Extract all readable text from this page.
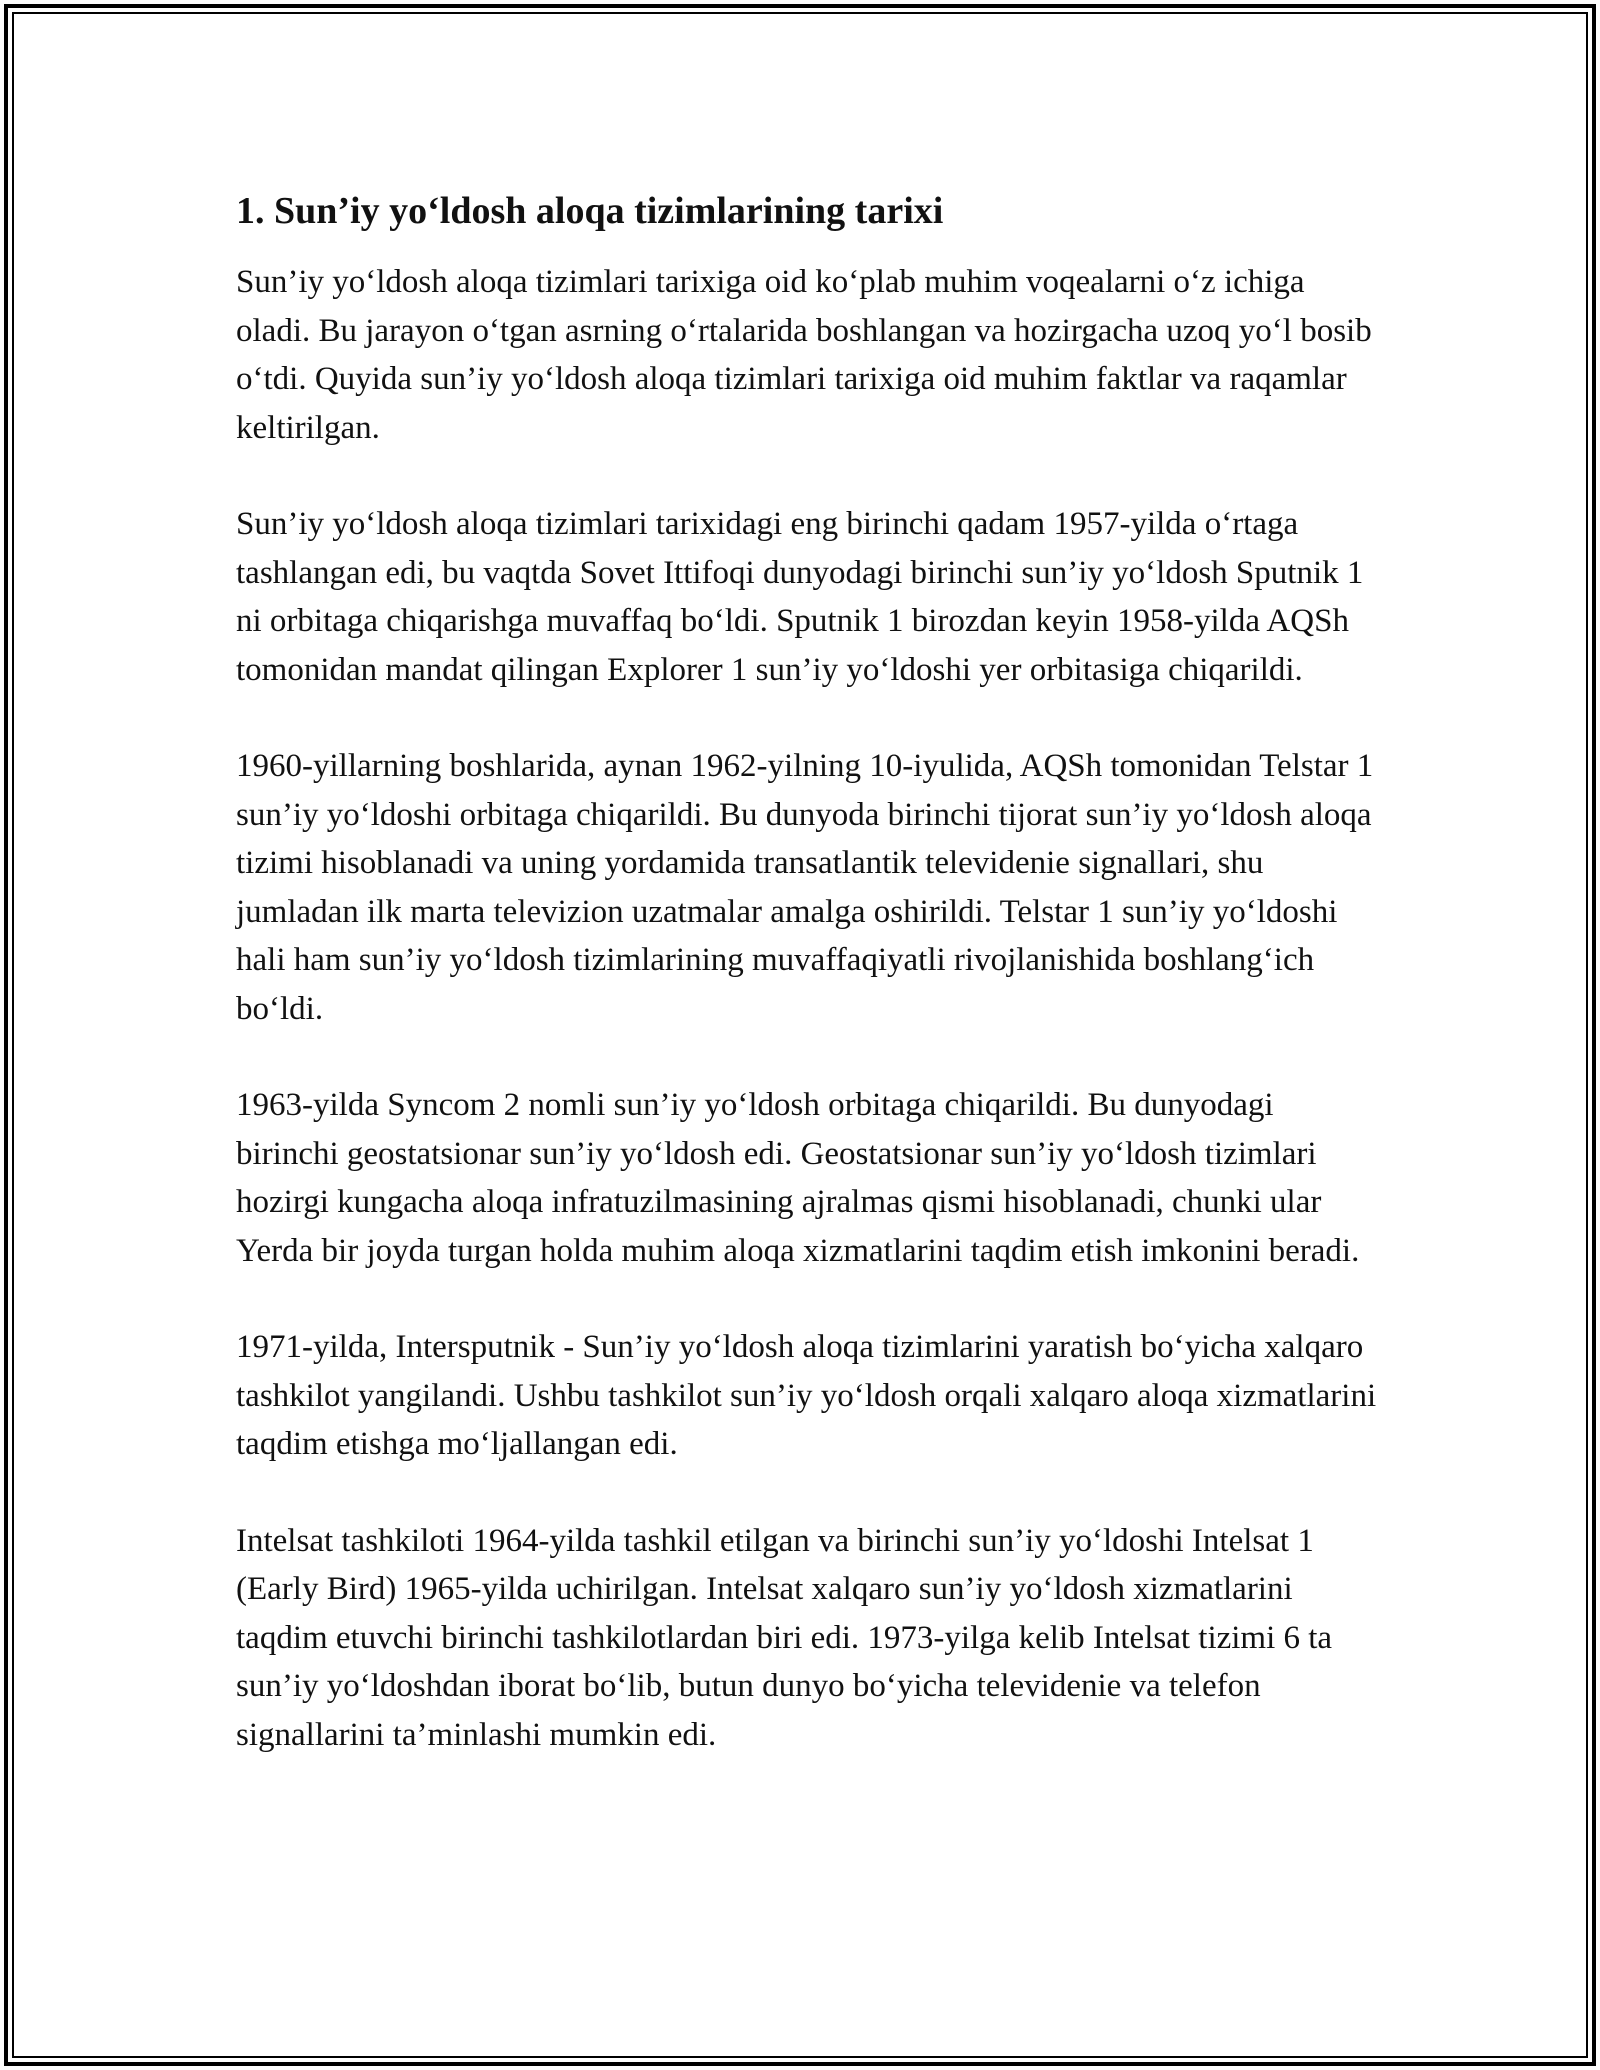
1. Sun’iy yo‘ldosh aloqa tizimlarining tarixi

Sun’iy yo‘ldosh aloqa tizimlari tarixiga oid ko‘plab muhim voqealarni o‘z ichiga oladi. Bu jarayon o‘tgan asrning o‘rtalarida boshlangan va hozirgacha uzoq yo‘l bosib o‘tdi. Quyida sun’iy yo‘ldosh aloqa tizimlari tarixiga oid muhim faktlar va raqamlar keltirilgan.

Sun’iy yo‘ldosh aloqa tizimlari tarixidagi eng birinchi qadam 1957-yilda o‘rtaga tashlangan edi, bu vaqtda Sovet Ittifoqi dunyodagi birinchi sun’iy yo‘ldosh Sputnik 1 ni orbitaga chiqarishga muvaffaq bo‘ldi. Sputnik 1 birozdan keyin 1958-yilda AQSh tomonidan mandat qilingan Explorer 1 sun’iy yo‘ldoshi yer orbitasiga chiqarildi.

1960-yillarning boshlarida, aynan 1962-yilning 10-iyulida, AQSh tomonidan Telstar 1 sun’iy yo‘ldoshi orbitaga chiqarildi. Bu dunyoda birinchi tijorat sun’iy yo‘ldosh aloqa tizimi hisoblanadi va uning yordamida transatlantik televidenie signallari, shu jumladan ilk marta televizion uzatmalar amalga oshirildi. Telstar 1 sun’iy yo‘ldoshi hali ham sun’iy yo‘ldosh tizimlarining muvaffaqiyatli rivojlanishida boshlang‘ich bo‘ldi.

1963-yilda Syncom 2 nomli sun’iy yo‘ldosh orbitaga chiqarildi. Bu dunyodagi birinchi geostatsionar sun’iy yo‘ldosh edi. Geostatsionar sun’iy yo‘ldosh tizimlari hozirgi kungacha aloqa infratuzilmasining ajralmas qismi hisoblanadi, chunki ular Yerda bir joyda turgan holda muhim aloqa xizmatlarini taqdim etish imkonini beradi.

1971-yilda, Intersputnik - Sun’iy yo‘ldosh aloqa tizimlarini yaratish bo‘yicha xalqaro tashkilot yangilandi. Ushbu tashkilot sun’iy yo‘ldosh orqali xalqaro aloqa xizmatlarini taqdim etishga mo‘ljallangan edi.

Intelsat tashkiloti 1964-yilda tashkil etilgan va birinchi sun’iy yo‘ldoshi Intelsat 1 (Early Bird) 1965-yilda uchirilgan. Intelsat xalqaro sun’iy yo‘ldosh xizmatlarini taqdim etuvchi birinchi tashkilotlardan biri edi. 1973-yilga kelib Intelsat tizimi 6 ta sun’iy yo‘ldoshdan iborat bo‘lib, butun dunyo bo‘yicha televidenie va telefon signallarini ta’minlashi mumkin edi.
